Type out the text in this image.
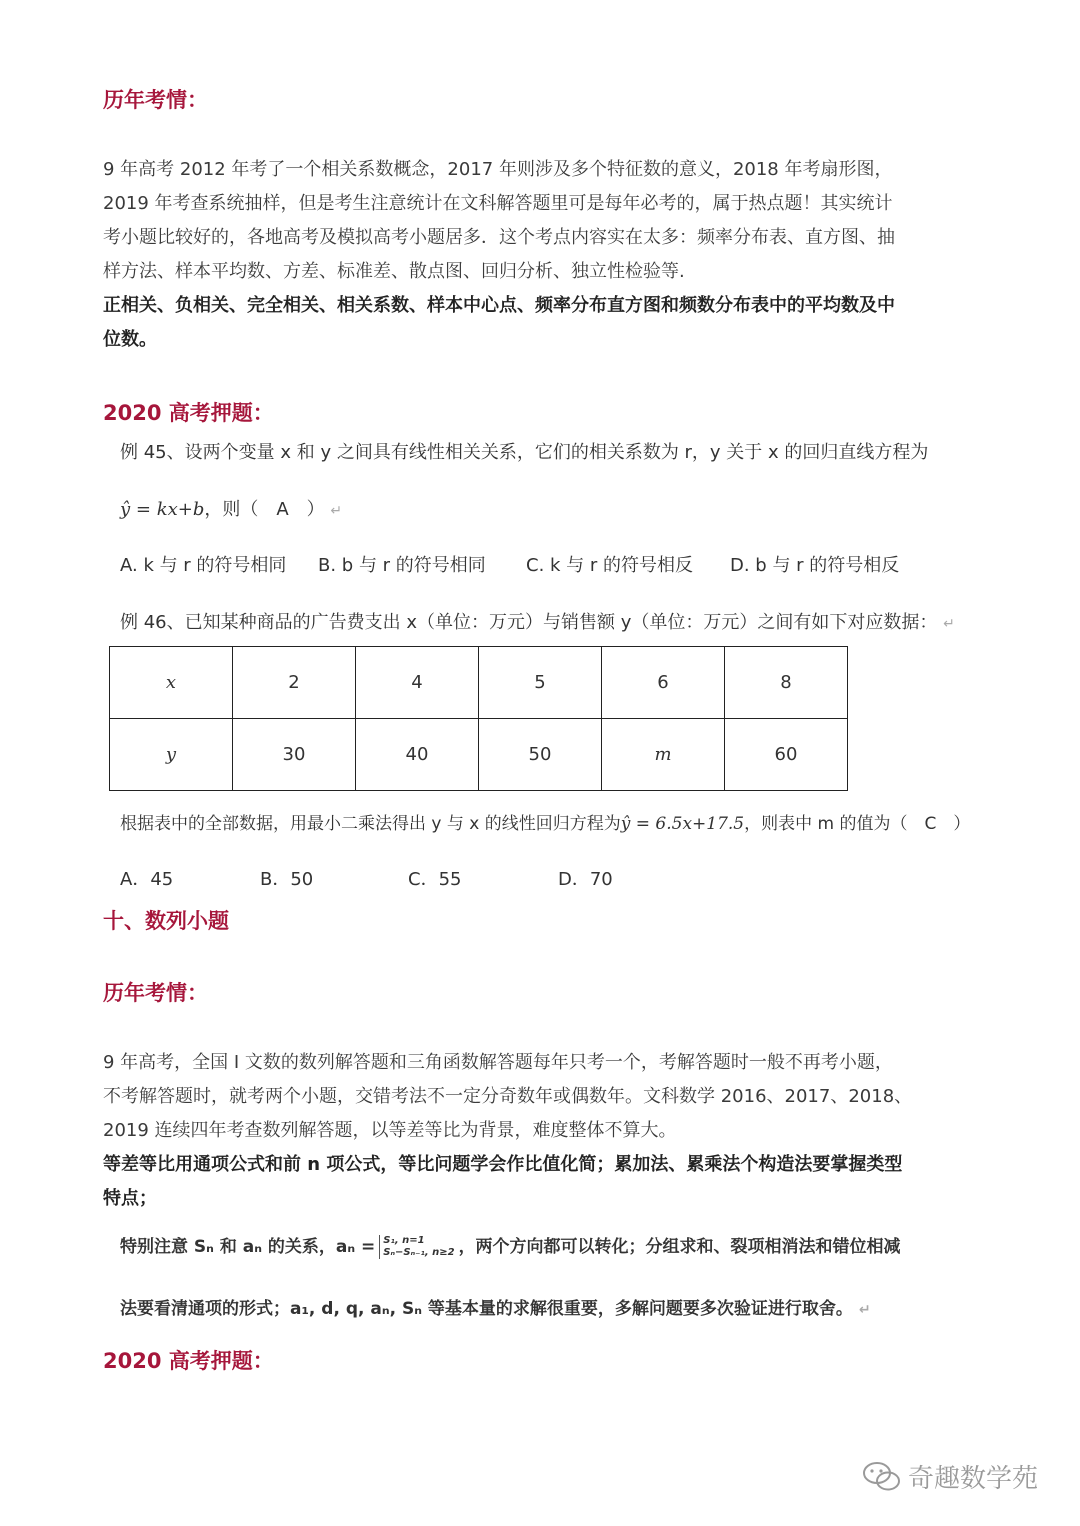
历年考情：
9 年高考 2012 年考了一个相关系数概念，2017 年则涉及多个特征数的意义，2018 年考扇形图，
2019 年考查系统抽样，但是考生注意统计在文科解答题里可是每年必考的，属于热点题！其实统计
考小题比较好的，各地高考及模拟高考小题居多．这个考点内容实在太多：频率分布表、直方图、抽
样方法、样本平均数、方差、标准差、散点图、回归分析、独立性检验等.
正相关、负相关、完全相关、相关系数、样本中心点、频率分布直方图和频数分布表中的平均数及中
位数。
2020 高考押题：
例 45、设两个变量 x 和 y 之间具有线性相关关系，它们的相关系数为 r，y 关于 x 的回归直线方程为
ŷ = kx+b，则（　A　） ↵
A. k 与 r 的符号相同 B. b 与 r 的符号相同 C. k 与 r 的符号相反 D. b 与 r 的符号相反
例 46、已知某种商品的广告费支出 x（单位：万元）与销售额 y（单位：万元）之间有如下对应数据： ↵
x	2	4	5	6	8
y	30	40	50	m	60
根据表中的全部数据，用最小二乘法得出 y 与 x 的线性回归方程为ŷ = 6.5x+17.5，则表中 m 的值为（　C　）
A．45	B．50	C．55	D．70
十、数列小题
历年考情：
9 年高考，全国 I 文数的数列解答题和三角函数解答题每年只考一个，考解答题时一般不再考小题，
不考解答题时，就考两个小题，交错考法不一定分奇数年或偶数年。文科数学 2016、2017、2018、
2019 连续四年考查数列解答题，以等差等比为背景，难度整体不算大。
等差等比用通项公式和前 n 项公式，等比问题学会作比值化简；累加法、累乘法个构造法要掌握类型
特点；
特别注意 Sₙ 和 aₙ 的关系，aₙ = S₁, n=1
Sₙ−Sₙ₋₁, n≥2 ，两个方向都可以转化；分组求和、裂项相消法和错位相减
法要看清通项的形式；a₁, d, q, aₙ, Sₙ 等基本量的求解很重要，多解问题要多次验证进行取舍。 ↵
2020 高考押题：
奇趣数学苑
